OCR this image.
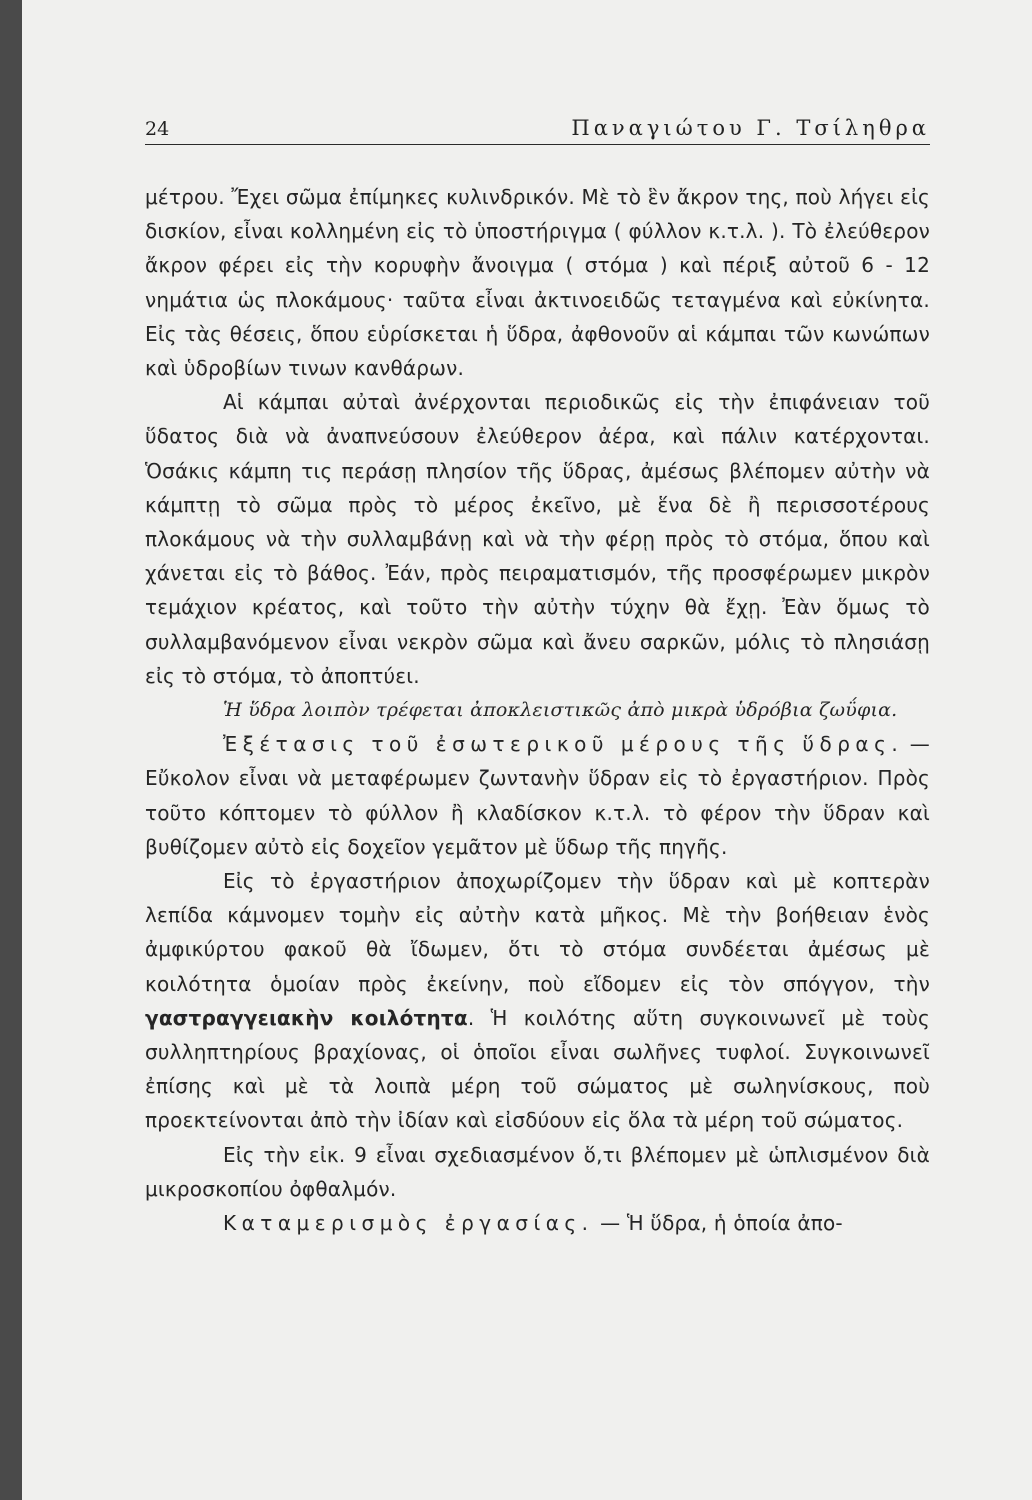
24	Παναγιώτου Γ. Τσίληθρα

μέτρου. Ἔχει σῶμα ἐπίμηκες κυλινδρικόν. Μὲ τὸ ἓν ἄκρον της, ποὺ λήγει εἰς δισκίον, εἶναι κολλημένη εἰς τὸ ὑποστήριγμα ( φύλλον κ.τ.λ. ). Τὸ ἐλεύθερον ἄκρον φέρει εἰς τὴν κορυφὴν ἄνοιγμα ( στόμα ) καὶ πέριξ αὐτοῦ 6 - 12 νημάτια ὡς πλοκάμους· ταῦτα εἶναι ἀκτινοειδῶς τεταγμένα καὶ εὐκίνητα. Εἰς τὰς θέσεις, ὅπου εὑρίσκεται ἡ ὕδρα, ἀφθονοῦν αἱ κάμπαι τῶν κωνώπων καὶ ὑδροβίων τινων κανθάρων.

Αἱ κάμπαι αὐταὶ ἀνέρχονται περιοδικῶς εἰς τὴν ἐπιφάνειαν τοῦ ὕδατος διὰ νὰ ἀναπνεύσουν ἐλεύθερον ἀέρα, καὶ πάλιν κατέρχονται. Ὁσάκις κάμπη τις περάσῃ πλησίον τῆς ὕδρας, ἀμέσως βλέπομεν αὐτὴν νὰ κάμπτῃ τὸ σῶμα πρὸς τὸ μέρος ἐκεῖνο, μὲ ἕνα δὲ ἢ περισσοτέρους πλοκάμους νὰ τὴν συλλαμβάνῃ καὶ νὰ τὴν φέρῃ πρὸς τὸ στόμα, ὅπου καὶ χάνεται εἰς τὸ βάθος. Ἐάν, πρὸς πειραματισμόν, τῆς προσφέρωμεν μικρὸν τεμάχιον κρέατος, καὶ τοῦτο τὴν αὐτὴν τύχην θὰ ἔχῃ. Ἐὰν ὅμως τὸ συλλαμβανόμενον εἶναι νεκρὸν σῶμα καὶ ἄνευ σαρκῶν, μόλις τὸ πλησιάσῃ εἰς τὸ στόμα, τὸ ἀποπτύει.

Ἡ ὕδρα λοιπὸν τρέφεται ἀποκλειστικῶς ἀπὸ μικρὰ ὑδρόβια ζωΰφια.

Ἐξέτασις τοῦ ἐσωτερικοῦ μέρους τῆς ὕδρας. — Εὔκολον εἶναι νὰ μεταφέρωμεν ζωντανὴν ὕδραν εἰς τὸ ἐργαστήριον. Πρὸς τοῦτο κόπτομεν τὸ φύλλον ἢ κλαδίσκον κ.τ.λ. τὸ φέρον τὴν ὕδραν καὶ βυθίζομεν αὐτὸ εἰς δοχεῖον γεμᾶτον μὲ ὕδωρ τῆς πηγῆς.

Εἰς τὸ ἐργαστήριον ἀποχωρίζομεν τὴν ὕδραν καὶ μὲ κοπτερὰν λεπίδα κάμνομεν τομὴν εἰς αὐτὴν κατὰ μῆκος. Μὲ τὴν βοήθειαν ἑνὸς ἀμφικύρτου φακοῦ θὰ ἴδωμεν, ὅτι τὸ στόμα συνδέεται ἀμέσως μὲ κοιλότητα ὁμοίαν πρὸς ἐκείνην, ποὺ εἴδομεν εἰς τὸν σπόγγον, τὴν γαστραγγειακὴν κοιλότητα. Ἡ κοιλότης αὕτη συγκοινωνεῖ μὲ τοὺς συλληπτηρίους βραχίονας, οἱ ὁποῖοι εἶναι σωλῆνες τυφλοί. Συγκοινωνεῖ ἐπίσης καὶ μὲ τὰ λοιπὰ μέρη τοῦ σώματος μὲ σωληνίσκους, ποὺ προεκτείνονται ἀπὸ τὴν ἰδίαν καὶ εἰσδύουν εἰς ὅλα τὰ μέρη τοῦ σώματος.

Εἰς τὴν εἰκ. 9 εἶναι σχεδιασμένον ὅ,τι βλέπομεν μὲ ὡπλισμένον διὰ μικροσκοπίου ὀφθαλμόν.

Καταμερισμὸς ἐργασίας. — Ἡ ὕδρα, ἡ ὁποία ἀπο-
